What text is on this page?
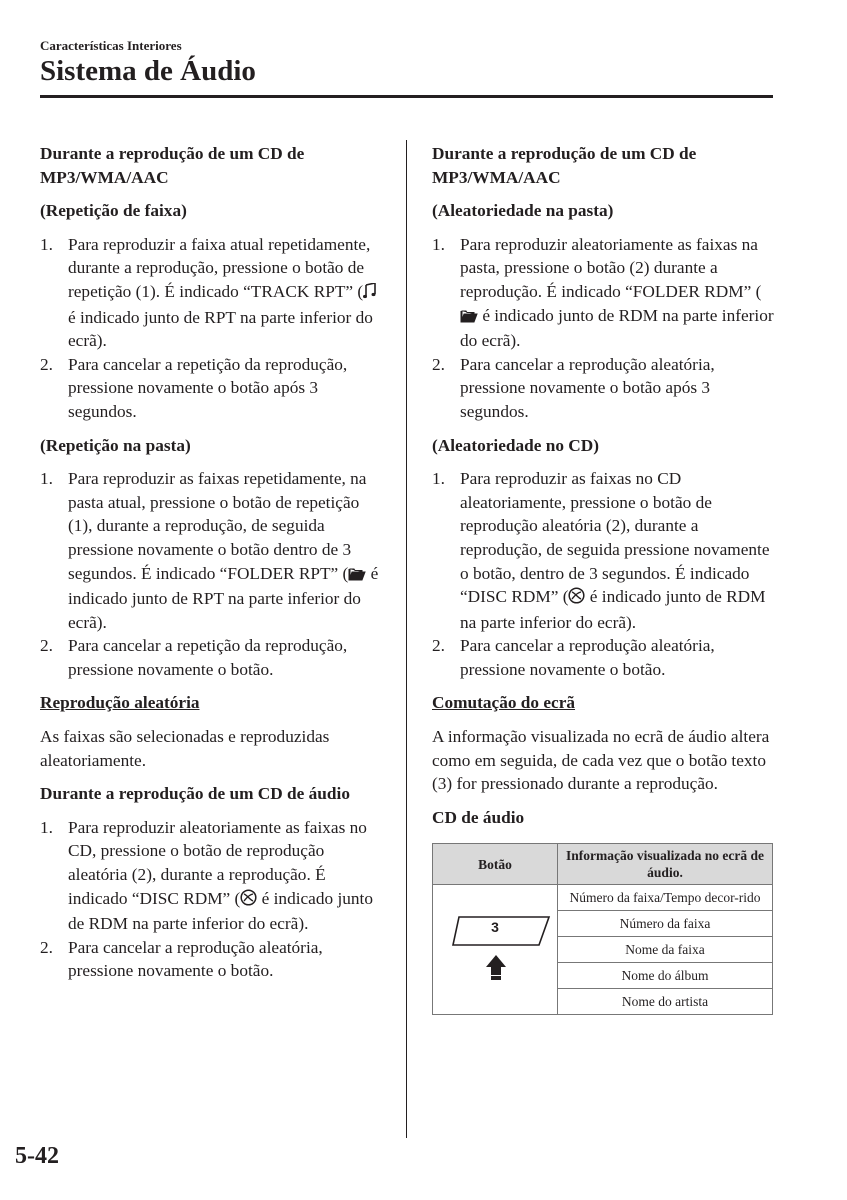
Características Interiores
Sistema de Áudio
Durante a reprodução de um CD de MP3/WMA/AAC
(Repetição de faixa)
1. Para reproduzir a faixa atual repetidamente, durante a reprodução, pressione o botão de repetição (1). É indicado “TRACK RPT” ( é indicado junto de RPT na parte inferior do ecrã).
2. Para cancelar a repetição da reprodução, pressione novamente o botão após 3 segundos.
(Repetição na pasta)
1. Para reproduzir as faixas repetidamente, na pasta atual, pressione o botão de repetição (1), durante a reprodução, de seguida pressione novamente o botão dentro de 3 segundos. É indicado “FOLDER RPT” ( é indicado junto de RPT na parte inferior do ecrã).
2. Para cancelar a repetição da reprodução, pressione novamente o botão.
Reprodução aleatória

As faixas são selecionadas e reproduzidas aleatoriamente.

Durante a reprodução de um CD de áudio
1. Para reproduzir aleatoriamente as faixas no CD, pressione o botão de reprodução aleatória (2), durante a reprodução. É indicado “DISC RDM” ( é indicado junto de RDM na parte inferior do ecrã).
2. Para cancelar a reprodução aleatória, pressione novamente o botão.
Durante a reprodução de um CD de MP3/WMA/AAC
(Aleatoriedade na pasta)
1. Para reproduzir aleatoriamente as faixas na pasta, pressione o botão (2) durante a reprodução. É indicado “FOLDER RDM” ( é indicado junto de RDM na parte inferior do ecrã).
2. Para cancelar a reprodução aleatória, pressione novamente o botão após 3 segundos.
(Aleatoriedade no CD)
1. Para reproduzir as faixas no CD aleatoriamente, pressione o botão de reprodução aleatória (2), durante a reprodução, de seguida pressione novamente o botão, dentro de 3 segundos. É indicado “DISC RDM” ( é indicado junto de RDM na parte inferior do ecrã).
2. Para cancelar a reprodução aleatória, pressione novamente o botão.
Comutação do ecrã

A informação visualizada no ecrã de áudio altera como em seguida, de cada vez que o botão texto (3) for pressionado durante a reprodução.

CD de áudio
Botão	Informação visualizada no ecrã de áudio.

3	Número da faixa/Tempo decor-rido
	Número da faixa
	Nome da faixa
	Nome do álbum
	Nome do artista
5-42
